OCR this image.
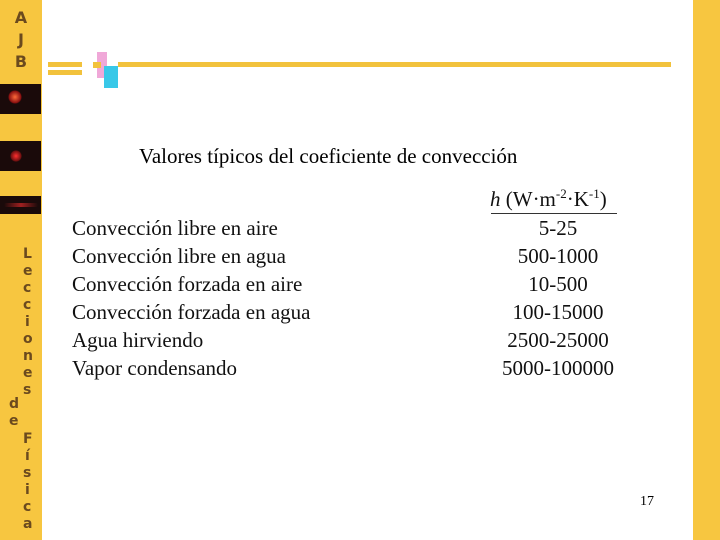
A
J
B
L
e
c
c
i
o
n
e
s
d
e
F
í
s
i
c
a
Valores típicos del coeficiente de convección
h $(W\cdot m^{-2}\cdot K^{-1})$
Convección libre en aire	5-25
Convección libre en agua	500-1000
Convección forzada en aire	10-500
Convección forzada en agua	100-15000
Agua hirviendo	2500-25000
Vapor condensando	5000-100000
17
